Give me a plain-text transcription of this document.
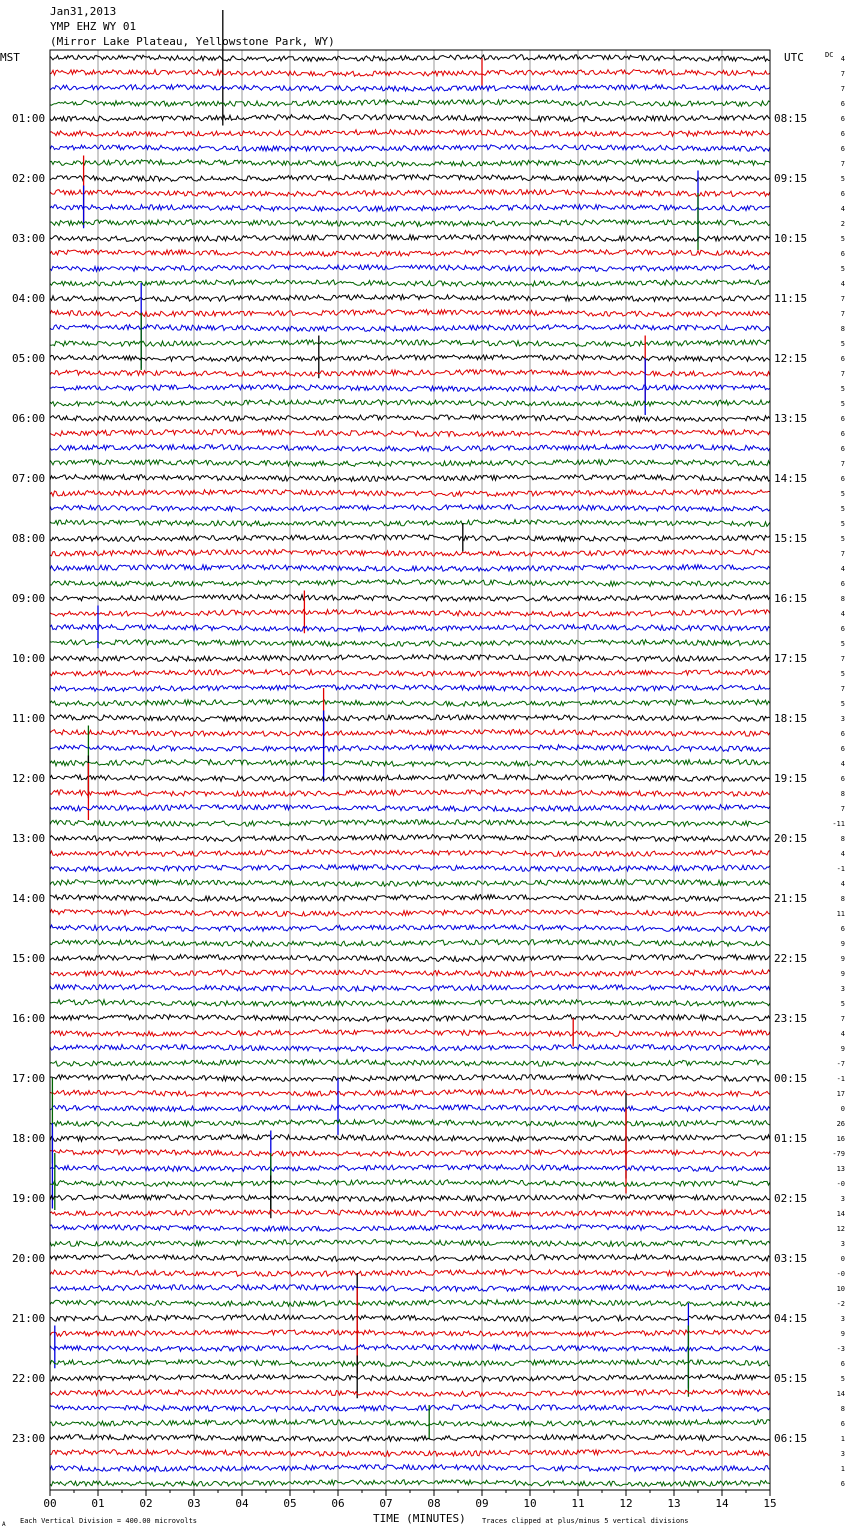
Jan31,2013
YMP EHZ WY 01
(Mirror Lake Plateau, Yellowstone Park, WY)
MST	UTC	DC
01:00
02:00
03:00
04:00
05:00
06:00
07:00
08:00
09:00
10:00
11:00
12:00
13:00
14:00
15:00
16:00
17:00
18:00
19:00
20:00
21:00
22:00
23:00
08:15
09:15
10:15
11:15
12:15
13:15
14:15
15:15
16:15
17:15
18:15
19:15
20:15
21:15
22:15
23:15
00:15
01:15
02:15
03:15
04:15
05:15
06:15
4
7
7
6
6
6
6
7
5
6
4
2
5
6
5
4
7
7
8
5
6
7
5
5
6
6
6
7
6
5
5
5
5
7
4
6
8
4
6
5
7
5
7
5
3
6
6
4
6
8
7
-11
8
4
-1
4
8
11
6
9
9
9
3
5
7
4
9
-7
-1
17
0
26
16
-79
13
-0
3
14
12
3
0
-0
10
-2
3
9
-3
6
5
14
8
6
1
3
1
6
00	01	02	03	04	05	06	07	08	09	10	11	12	13	14	15
TIME (MINUTES)
Each Vertical Division = 400.00 microvolts	Traces clipped at plus/minus 5 vertical divisions
A
